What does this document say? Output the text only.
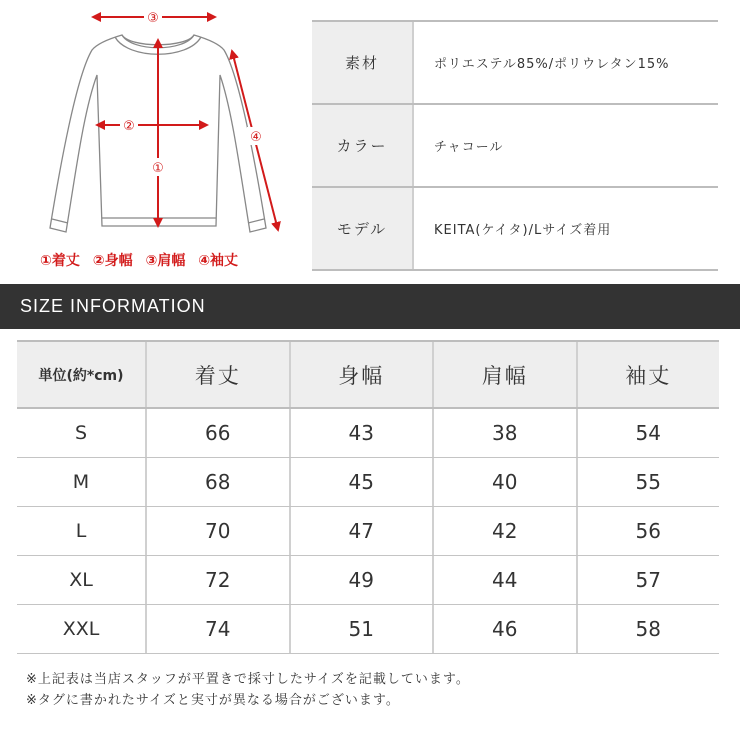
③
②
①
④
①着丈 ②身幅 ③肩幅 ④袖丈
素材	ポリエステル85%/ポリウレタン15%
カラー	チャコール
モデル	KEITA(ケイタ)/Lサイズ着用
SIZE INFORMATION
単位(約*cm)	着丈	身幅	肩幅	袖丈
S	66	43	38	54
M	68	45	40	55
L	70	47	42	56
XL	72	49	44	57
XXL	74	51	46	58
※上記表は当店スタッフが平置きで採寸したサイズを記載しています。
※タグに書かれたサイズと実寸が異なる場合がございます。
